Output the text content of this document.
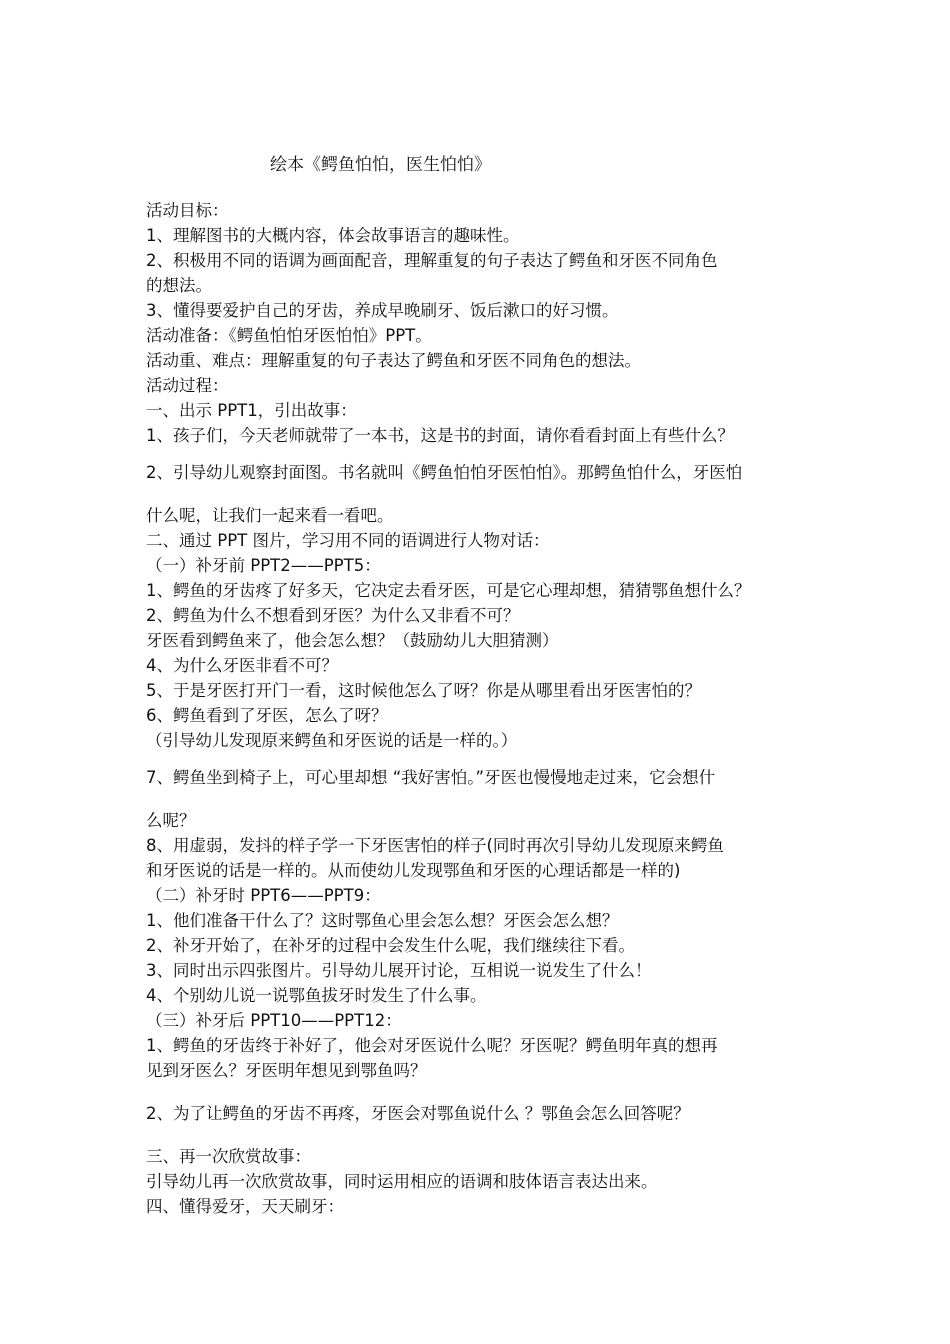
绘本《鳄鱼怕怕，医生怕怕》
活动目标：
1、理解图书的大概内容，体会故事语言的趣味性。
2、积极用不同的语调为画面配音，理解重复的句子表达了鳄鱼和牙医不同角色
的想法。
3、懂得要爱护自己的牙齿，养成早晚刷牙、饭后漱口的好习惯。
活动准备：《鳄鱼怕怕牙医怕怕》PPT。
活动重、难点：理解重复的句子表达了鳄鱼和牙医不同角色的想法。
活动过程：
一、出示 PPT1，引出故事：
1、孩子们，今天老师就带了一本书，这是书的封面，请你看看封面上有些什么？
2、引导幼儿观察封面图。书名就叫《鳄鱼怕怕牙医怕怕》。那鳄鱼怕什么，牙医怕
什么呢，让我们一起来看一看吧。
二、通过 PPT 图片，学习用不同的语调进行人物对话：
（一）补牙前 PPT2——PPT5：
1、鳄鱼的牙齿疼了好多天，它决定去看牙医，可是它心理却想，猜猜鄂鱼想什么？
2、鳄鱼为什么不想看到牙医？为什么又非看不可？
牙医看到鳄鱼来了，他会怎么想？（鼓励幼儿大胆猜测）
4、为什么牙医非看不可？
5、于是牙医打开门一看，这时候他怎么了呀？你是从哪里看出牙医害怕的？
6、鳄鱼看到了牙医，怎么了呀？
（引导幼儿发现原来鳄鱼和牙医说的话是一样的。）
7、鳄鱼坐到椅子上，可心里却想 “我好害怕。”牙医也慢慢地走过来，它会想什
么呢？
8、用虚弱，发抖的样子学一下牙医害怕的样子(同时再次引导幼儿发现原来鳄鱼
和牙医说的话是一样的。从而使幼儿发现鄂鱼和牙医的心理话都是一样的)
（二）补牙时 PPT6——PPT9：
1、他们准备干什么了？这时鄂鱼心里会怎么想？牙医会怎么想？
2、补牙开始了，在补牙的过程中会发生什么呢，我们继续往下看。
3、同时出示四张图片。引导幼儿展开讨论，互相说一说发生了什么！
4、个别幼儿说一说鄂鱼拔牙时发生了什么事。
（三）补牙后 PPT10——PPT12：
1、鳄鱼的牙齿终于补好了，他会对牙医说什么呢？牙医呢？鳄鱼明年真的想再
见到牙医么？牙医明年想见到鄂鱼吗？
2、为了让鳄鱼的牙齿不再疼，牙医会对鄂鱼说什么 ？鄂鱼会怎么回答呢？
三、再一次欣赏故事：
引导幼儿再一次欣赏故事，同时运用相应的语调和肢体语言表达出来。
四、懂得爱牙，天天刷牙：
